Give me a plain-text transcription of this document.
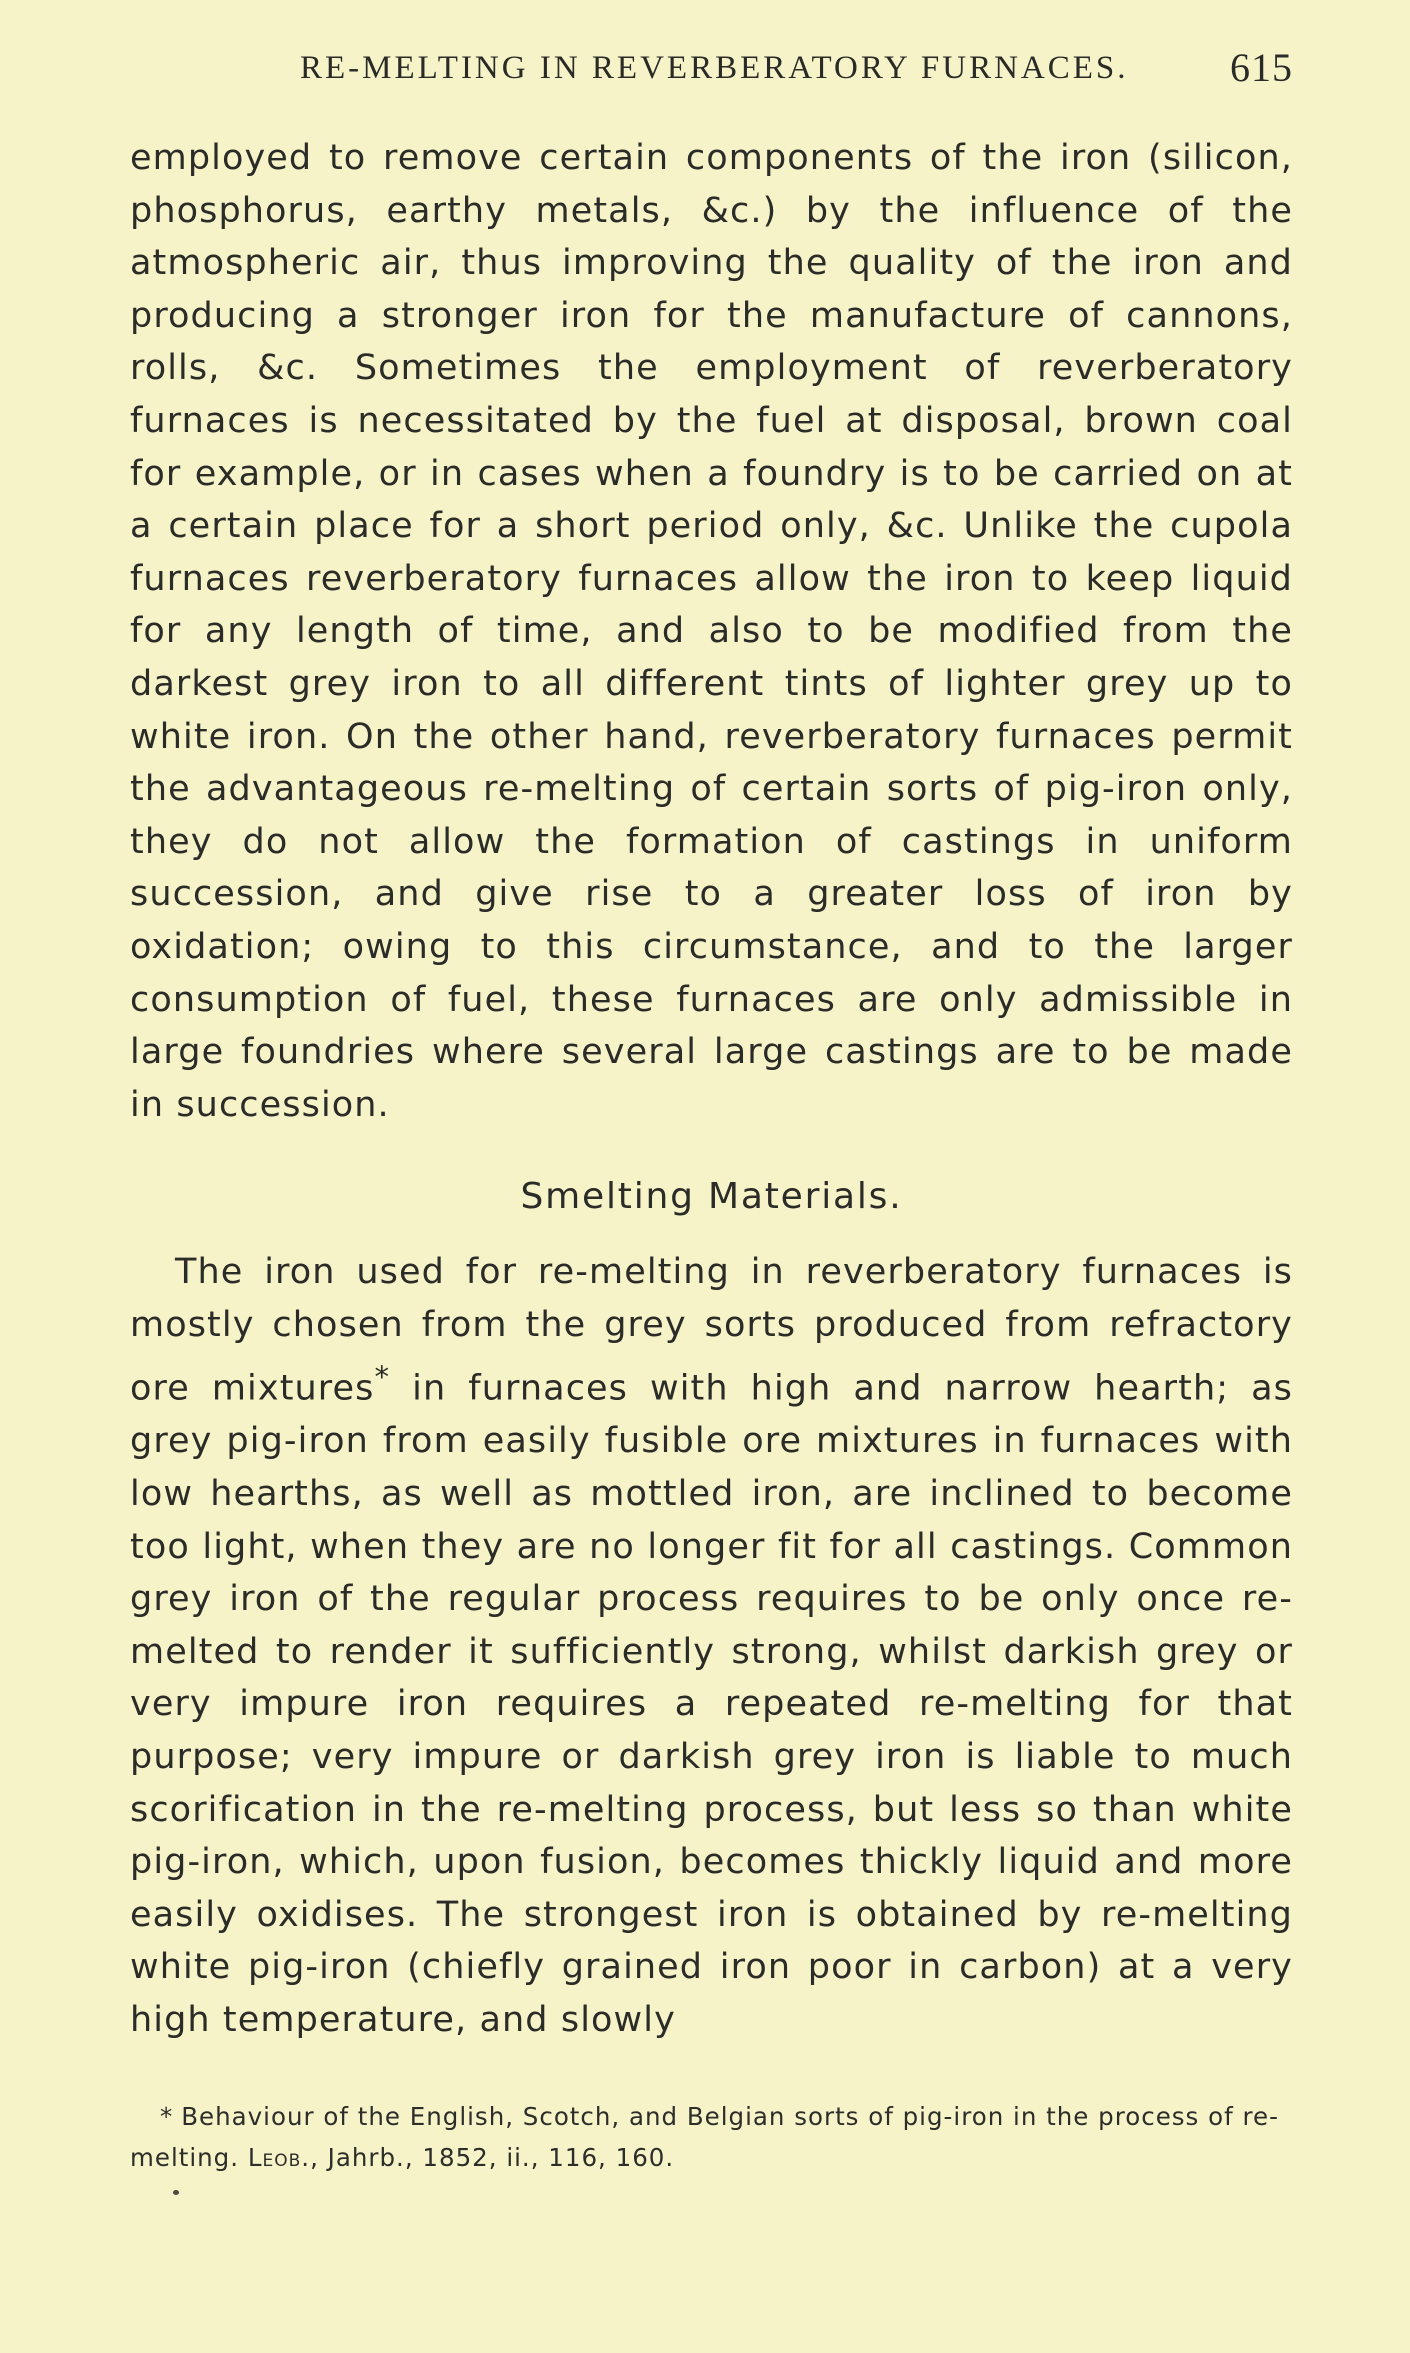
RE-MELTING IN REVERBERATORY FURNACES.	615

employed to remove certain components of the iron (silicon, phosphorus, earthy metals, &c.) by the influence of the atmospheric air, thus improving the quality of the iron and producing a stronger iron for the manufacture of cannons, rolls, &c. Sometimes the employment of reverberatory furnaces is necessitated by the fuel at disposal, brown coal for example, or in cases when a foundry is to be carried on at a certain place for a short period only, &c. Unlike the cupola furnaces reverberatory furnaces allow the iron to keep liquid for any length of time, and also to be modified from the darkest grey iron to all different tints of lighter grey up to white iron. On the other hand, reverberatory furnaces permit the advantageous re-melting of certain sorts of pig-iron only, they do not allow the formation of castings in uniform succession, and give rise to a greater loss of iron by oxidation; owing to this circumstance, and to the larger consumption of fuel, these furnaces are only admissible in large foundries where several large castings are to be made in succession.

Smelting Materials.

The iron used for re-melting in reverberatory furnaces is mostly chosen from the grey sorts produced from refractory ore mixtures* in furnaces with high and narrow hearth; as grey pig-iron from easily fusible ore mixtures in furnaces with low hearths, as well as mottled iron, are inclined to become too light, when they are no longer fit for all castings. Common grey iron of the regular process requires to be only once re-melted to render it sufficiently strong, whilst darkish grey or very impure iron requires a repeated re-melting for that purpose; very impure or darkish grey iron is liable to much scorification in the re-melting process, but less so than white pig-iron, which, upon fusion, becomes thickly liquid and more easily oxidises. The strongest iron is obtained by re-melting white pig-iron (chiefly grained iron poor in carbon) at a very high temperature, and slowly

* Behaviour of the English, Scotch, and Belgian sorts of pig-iron in the process of re-melting. Leob., Jahrb., 1852, ii., 116, 160.
